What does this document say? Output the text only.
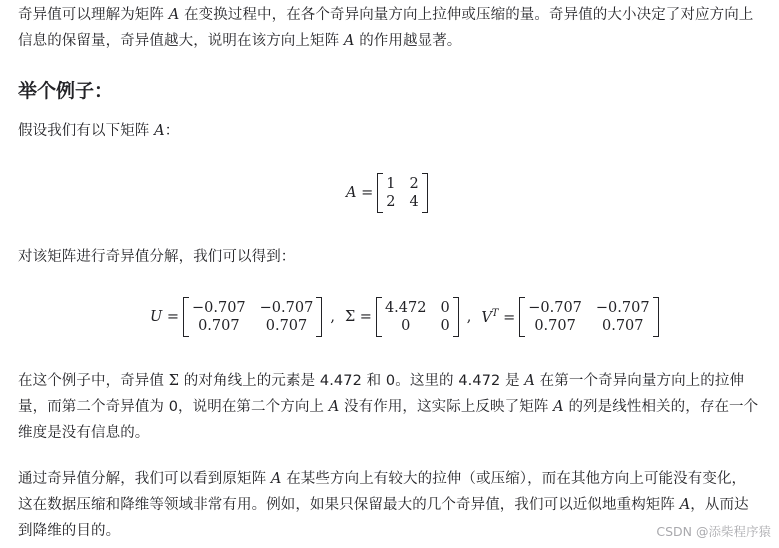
奇异值可以理解为矩阵 A 在变换过程中，在各个奇异向量方向上拉伸或压缩的量。奇异值的大小决定了对应方向上信息的保留量，奇异值越大，说明在该方向上矩阵 A 的作用越显著。

举个例子：

假设我们有以下矩阵 A：

A =
1 2
2 4

对该矩阵进行奇异值分解，我们可以得到：

U =
−0.707 −0.707
0.707	0.707
, Σ =
4.472 0
0	0
, $V^T$ =
−0.707 −0.707
0.707	0.707

在这个例子中，奇异值 Σ 的对角线上的元素是 4.472 和 0。这里的 4.472 是 A 在第一个奇异向量方向上的拉伸量，而第二个奇异值为 0，说明在第二个方向上 A 没有作用，这实际上反映了矩阵 A 的列是线性相关的，存在一个维度是没有信息的。

通过奇异值分解，我们可以看到原矩阵 A 在某些方向上有较大的拉伸（或压缩），而在其他方向上可能没有变化，这在数据压缩和降维等领域非常有用。例如，如果只保留最大的几个奇异值，我们可以近似地重构矩阵 A，从而达到降维的目的。	CSDN @添柴程序猿
